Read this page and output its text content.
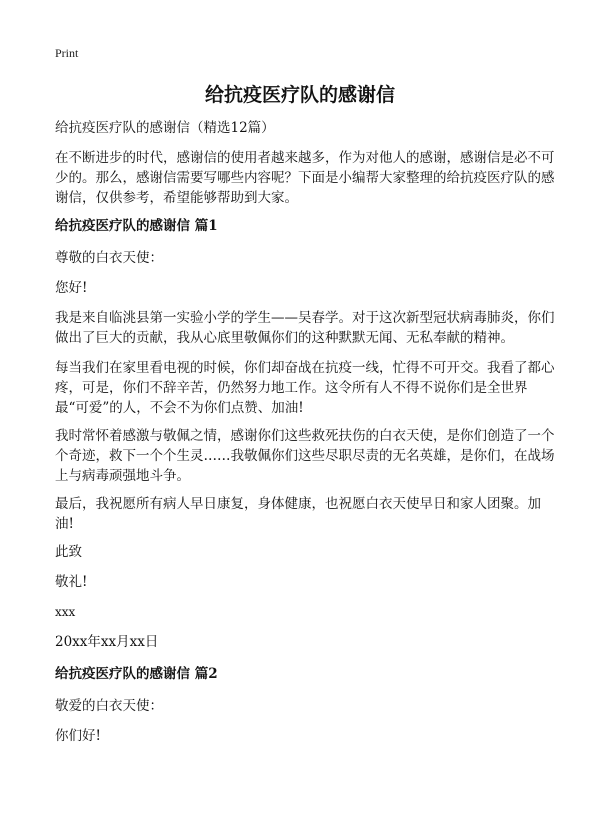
Print
给抗疫医疗队的感谢信

给抗疫医疗队的感谢信（精选12篇）

在不断进步的时代，感谢信的使用者越来越多，作为对他人的感谢，感谢信是必不可少的。那么，感谢信需要写哪些内容呢？下面是小编帮大家整理的给抗疫医疗队的感谢信，仅供参考，希望能够帮助到大家。

给抗疫医疗队的感谢信 篇1

尊敬的白衣天使：

您好!

我是来自临洮县第一实验小学的学生——吴春学。对于这次新型冠状病毒肺炎，你们做出了巨大的贡献，我从心底里敬佩你们的这种默默无闻、无私奉献的精神。

每当我们在家里看电视的时候，你们却奋战在抗疫一线，忙得不可开交。我看了都心疼，可是，你们不辞辛苦，仍然努力地工作。这令所有人不得不说你们是全世界最“可爱”的人，不会不为你们点赞、加油!

我时常怀着感激与敬佩之情，感谢你们这些救死扶伤的白衣天使，是你们创造了一个个奇迹，救下一个个生灵……我敬佩你们这些尽职尽责的无名英雄，是你们，在战场上与病毒顽强地斗争。

最后，我祝愿所有病人早日康复，身体健康，也祝愿白衣天使早日和家人团聚。加油!

此致

敬礼!

xxx

20xx年xx月xx日

给抗疫医疗队的感谢信 篇2

敬爱的白衣天使：

你们好!
